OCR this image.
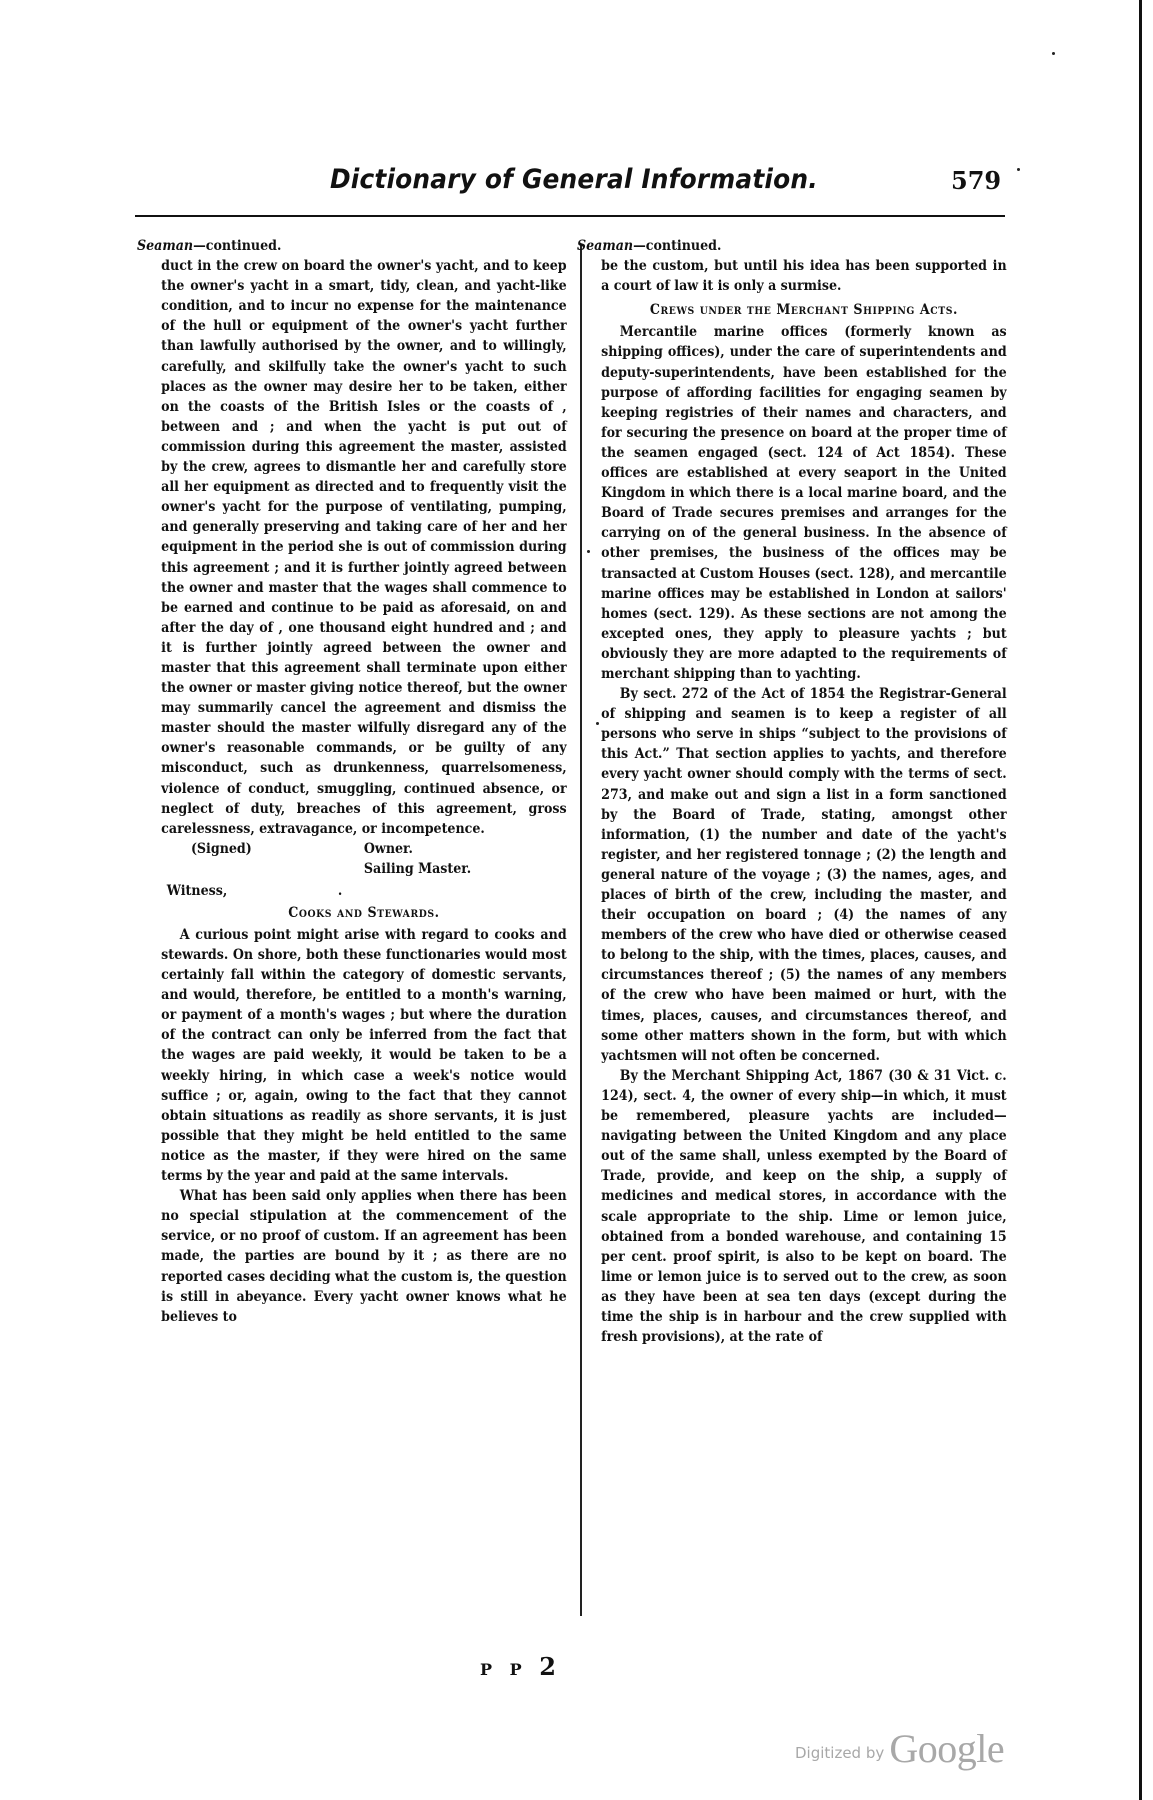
Dictionary of General Information.	579

Seaman—continued.

duct in the crew on board the owner's yacht, and to keep the owner's yacht in a smart, tidy, clean, and yacht-like condition, and to incur no expense for the maintenance of the hull or equipment of the owner's yacht further than lawfully authorised by the owner, and to willingly, carefully, and skilfully take the owner's yacht to such places as the owner may desire her to be taken, either on the coasts of the British Isles or the coasts of , between and ; and when the yacht is put out of commission during this agreement the master, assisted by the crew, agrees to dismantle her and carefully store all her equipment as directed and to frequently visit the owner's yacht for the purpose of ventilating, pumping, and generally preserving and taking care of her and her equipment in the period she is out of commission during this agreement ; and it is further jointly agreed between the owner and master that the wages shall commence to be earned and continue to be paid as aforesaid, on and after the day of , one thousand eight hundred and ; and it is further jointly agreed between the owner and master that this agreement shall terminate upon either the owner or master giving notice thereof, but the owner may summarily cancel the agreement and dismiss the master should the master wilfully disregard any of the owner's reasonable commands, or be guilty of any misconduct, such as drunkenness, quarrelsomeness, violence of conduct, smuggling, continued absence, or neglect of duty, breaches of this agreement, gross carelessness, extravagance, or incompetence.

(Signed)	Owner.
Sailing Master.
Witness,	.

Cooks and Stewards.

A curious point might arise with regard to cooks and stewards. On shore, both these functionaries would most certainly fall within the category of domestic servants, and would, therefore, be entitled to a month's warning, or payment of a month's wages ; but where the duration of the contract can only be inferred from the fact that the wages are paid weekly, it would be taken to be a weekly hiring, in which case a week's notice would suffice ; or, again, owing to the fact that they cannot obtain situations as readily as shore servants, it is just possible that they might be held entitled to the same notice as the master, if they were hired on the same terms by the year and paid at the same intervals.

What has been said only applies when there has been no special stipulation at the commencement of the service, or no proof of custom. If an agreement has been made, the parties are bound by it ; as there are no reported cases deciding what the custom is, the question is still in abeyance. Every yacht owner knows what he believes to

Seaman—continued.

be the custom, but until his idea has been supported in a court of law it is only a surmise.

Crews under the Merchant Shipping Acts.

Mercantile marine offices (formerly known as shipping offices), under the care of superintendents and deputy-superintendents, have been established for the purpose of affording facilities for engaging seamen by keeping registries of their names and characters, and for securing the presence on board at the proper time of the seamen engaged (sect. 124 of Act 1854). These offices are established at every seaport in the United Kingdom in which there is a local marine board, and the Board of Trade secures premises and arranges for the carrying on of the general business. In the absence of other premises, the business of the offices may be transacted at Custom Houses (sect. 128), and mercantile marine offices may be established in London at sailors' homes (sect. 129). As these sections are not among the excepted ones, they apply to pleasure yachts ; but obviously they are more adapted to the requirements of merchant shipping than to yachting.

By sect. 272 of the Act of 1854 the Registrar-General of shipping and seamen is to keep a register of all persons who serve in ships “subject to the provisions of this Act.” That section applies to yachts, and therefore every yacht owner should comply with the terms of sect. 273, and make out and sign a list in a form sanctioned by the Board of Trade, stating, amongst other information, (1) the number and date of the yacht's register, and her registered tonnage ; (2) the length and general nature of the voyage ; (3) the names, ages, and places of birth of the crew, including the master, and their occupation on board ; (4) the names of any members of the crew who have died or otherwise ceased to belong to the ship, with the times, places, causes, and circumstances thereof ; (5) the names of any members of the crew who have been maimed or hurt, with the times, places, causes, and circumstances thereof, and some other matters shown in the form, but with which yachtsmen will not often be concerned.

By the Merchant Shipping Act, 1867 (30 & 31 Vict. c. 124), sect. 4, the owner of every ship—in which, it must be remembered, pleasure yachts are included—navigating between the United Kingdom and any place out of the same shall, unless exempted by the Board of Trade, provide, and keep on the ship, a supply of medicines and medical stores, in accordance with the scale appropriate to the ship. Lime or lemon juice, obtained from a bonded warehouse, and containing 15 per cent. proof spirit, is also to be kept on board. The lime or lemon juice is to served out to the crew, as soon as they have been at sea ten days (except during the time the ship is in harbour and the crew supplied with fresh provisions), at the rate of

P P 2
Digitized by Google
